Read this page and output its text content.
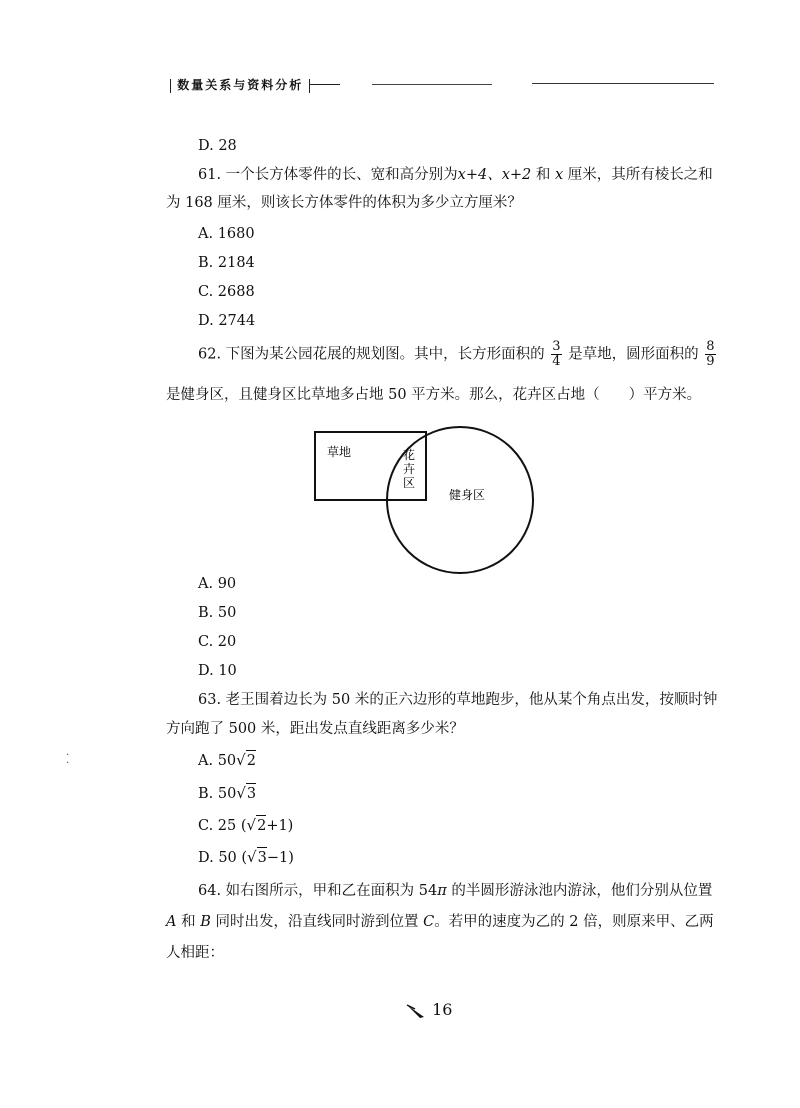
数量关系与资料分析
D. 28
61. 一个长方体零件的长、宽和高分别为x+4、x+2 和 x 厘米，其所有棱长之和
为 168 厘米，则该长方体零件的体积为多少立方厘米？
A. 1680
B. 2184
C. 2688
D. 2744
62. 下图为某公园花展的规划图。其中，长方形面积的 $\frac{3}{4}$ 是草地，圆形面积的 $\frac{8}{9}$
是健身区，且健身区比草地多占地 50 平方米。那么，花卉区占地（　　）平方米。
草地	花
卉
区
健身区
A. 90
B. 50
C. 20
D. 10
63. 老王围着边长为 50 米的正六边形的草地跑步，他从某个角点出发，按顺时钟
方向跑了 500 米，距出发点直线距离多少米？
A. 50√2
B. 50√3
C. 25 (√2+1)
D. 50 (√3−1)
64. 如右图所示，甲和乙在面积为 54π 的半圆形游泳池内游泳，他们分别从位置
A 和 B 同时出发，沿直线同时游到位置 C。若甲的速度为乙的 2 倍，则原来甲、乙两
人相距：
·
·
16
